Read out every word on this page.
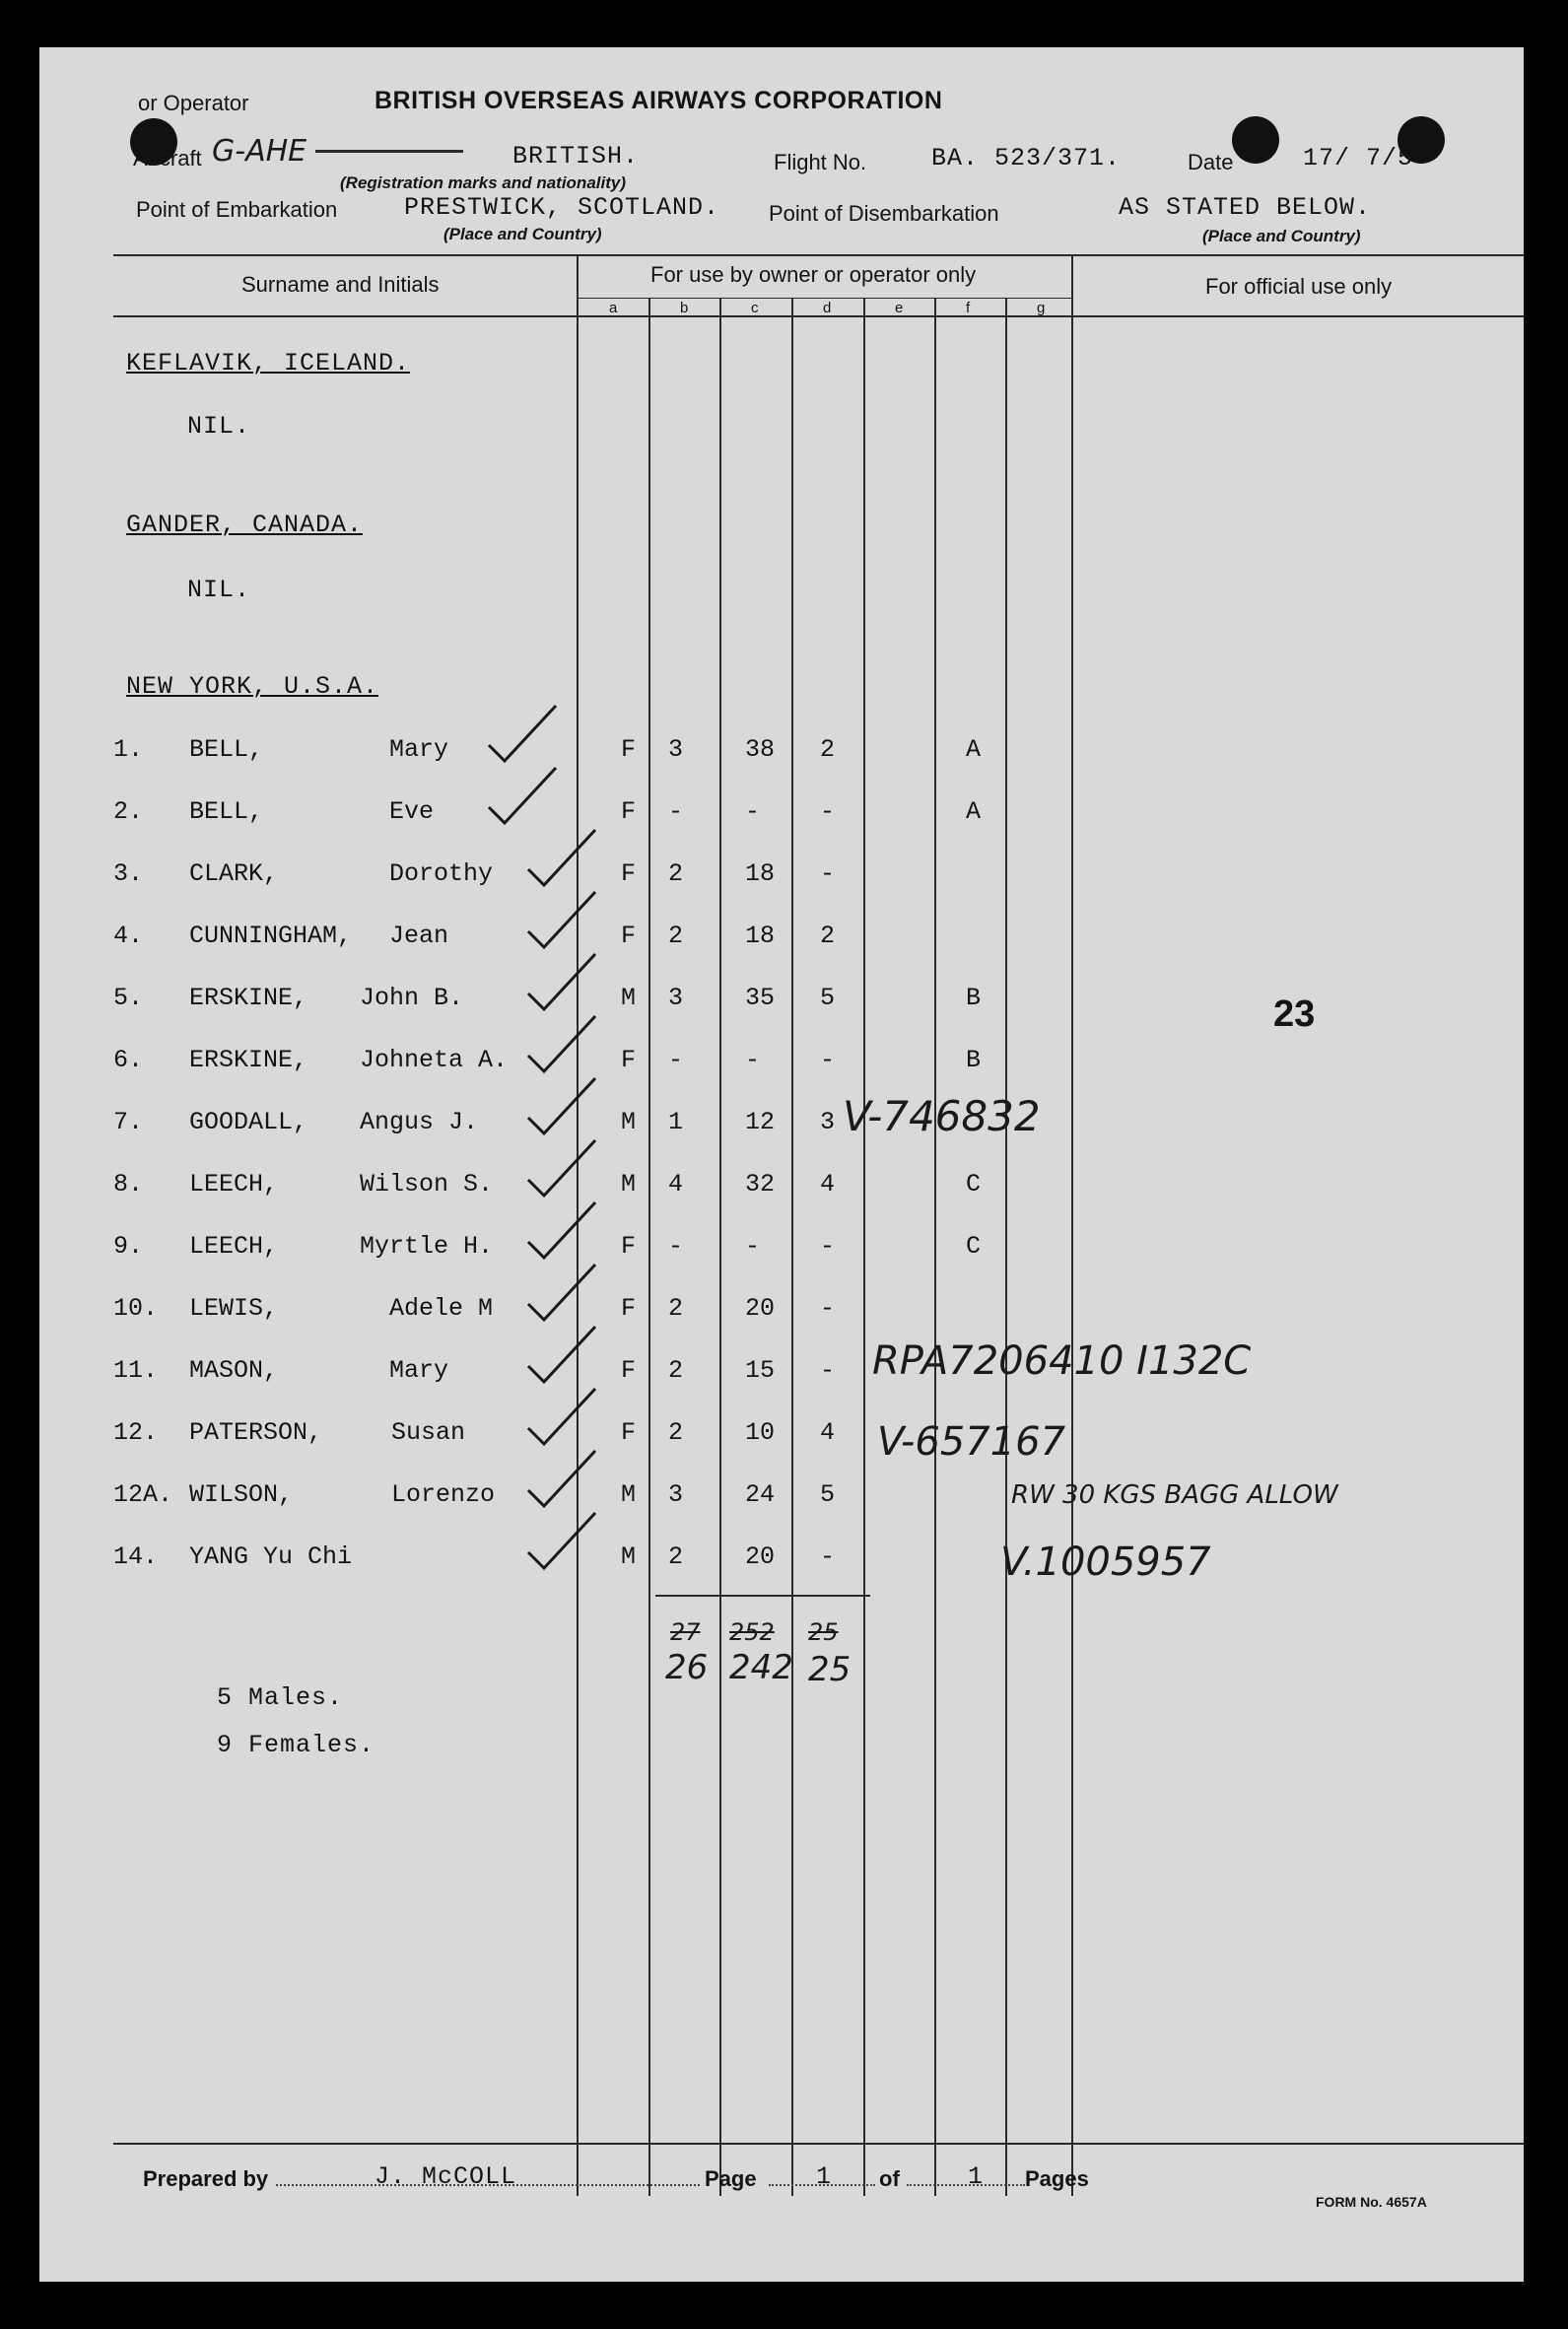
or Operator	BRITISH OVERSEAS AIRWAYS CORPORATION
Aircraft G-AHE	BRITISH.	Flight No.	BA. 523/371.	Date	17/ 7/5
(Registration marks and nationality)
Point of Embarkation	PRESTWICK, SCOTLAND. Point of Disembarkation	AS STATED BELOW.
(Place and Country)	(Place and Country)
Surname and Initials	For use by owner or operator only	For official use only
a	b	c	d	e	f	g
KEFLAVIK, ICELAND.
NIL.
GANDER, CANADA.
NIL.
NEW YORK, U.S.A.
1. BELL,	Mary	F 3	38 2	A
2. BELL,	Eve	F -	- -	A
3. CLARK,	Dorothy	F 2	18 -
4. CUNNINGHAM, Jean	F 2	18 2
5. ERSKINE, John B.	M 3	35 5	B
6. ERSKINE, Johneta A.	F -	- -	B
7. GOODALL, Angus J.	M 1	12 3
8. LEECH,	Wilson S.	M 4	32 4	C
9. LEECH,	Myrtle H.	F -	- -	C
10. LEWIS,	Adele M	F 2	20 -
11. MASON,	Mary	F 2	15 -
12. PATERSON,	Susan	F 2	10 4
12A. WILSON,	Lorenzo	M 3	24 5
14. YANG Yu Chi	M 2	20 -
23
V-746832
RPA7206410 I132C
V-657167
RW 30 KGS BAGG ALLOW
V.1005957
27 252 25
26 242 25
5 Males.
9 Females.
Prepared by	J. McCOLL	Page 1 of	1 Pages
FORM No. 4657A
